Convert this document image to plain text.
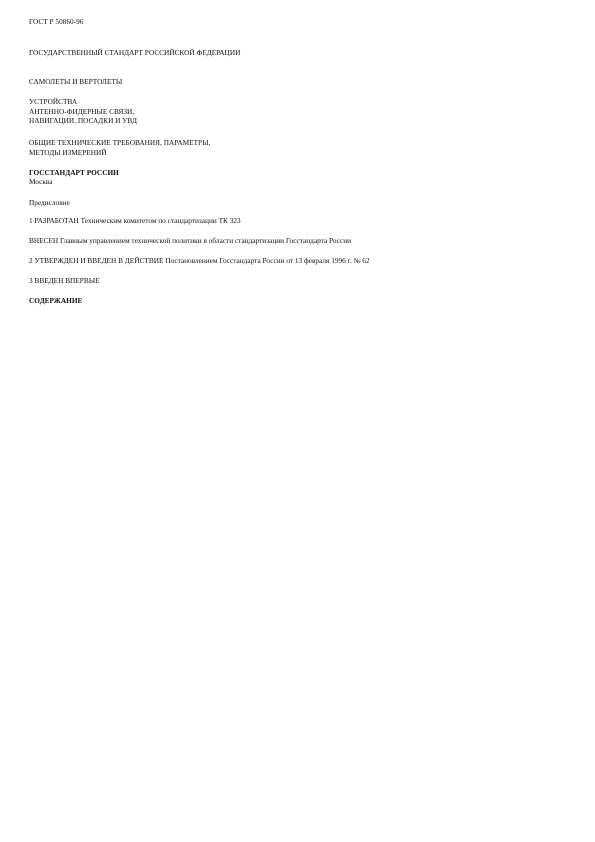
ГОСТ Р 50860-96
ГОСУДАРСТВЕННЫЙ СТАНДАРТ РОССИЙСКОЙ ФЕДЕРАЦИИ
САМОЛЕТЫ И ВЕРТОЛЕТЫ
УСТРОЙСТВА
АНТЕННО-ФИДЕРНЫЕ СВЯЗИ,
НАВИГАЦИИ, ПОСАДКИ И УВД
ОБЩИЕ ТЕХНИЧЕСКИЕ ТРЕБОВАНИЯ, ПАРАМЕТРЫ,
МЕТОДЫ ИЗМЕРЕНИЙ
ГОССТАНДАРТ РОССИИ
Москва
Предисловие
1 РАЗРАБОТАН Техническим комитетом по стандартизации ТК 323
ВНЕСЕН Главным управлением технической политики в области стандартизации Госстандарта России
2 УТВЕРЖДЕН И ВВЕДЕН В ДЕЙСТВИЕ Постановлением Госстандарта России от 13 февраля 1996 г. № 62
3 ВВЕДЕН ВПЕРВЫЕ
СОДЕРЖАНИЕ
